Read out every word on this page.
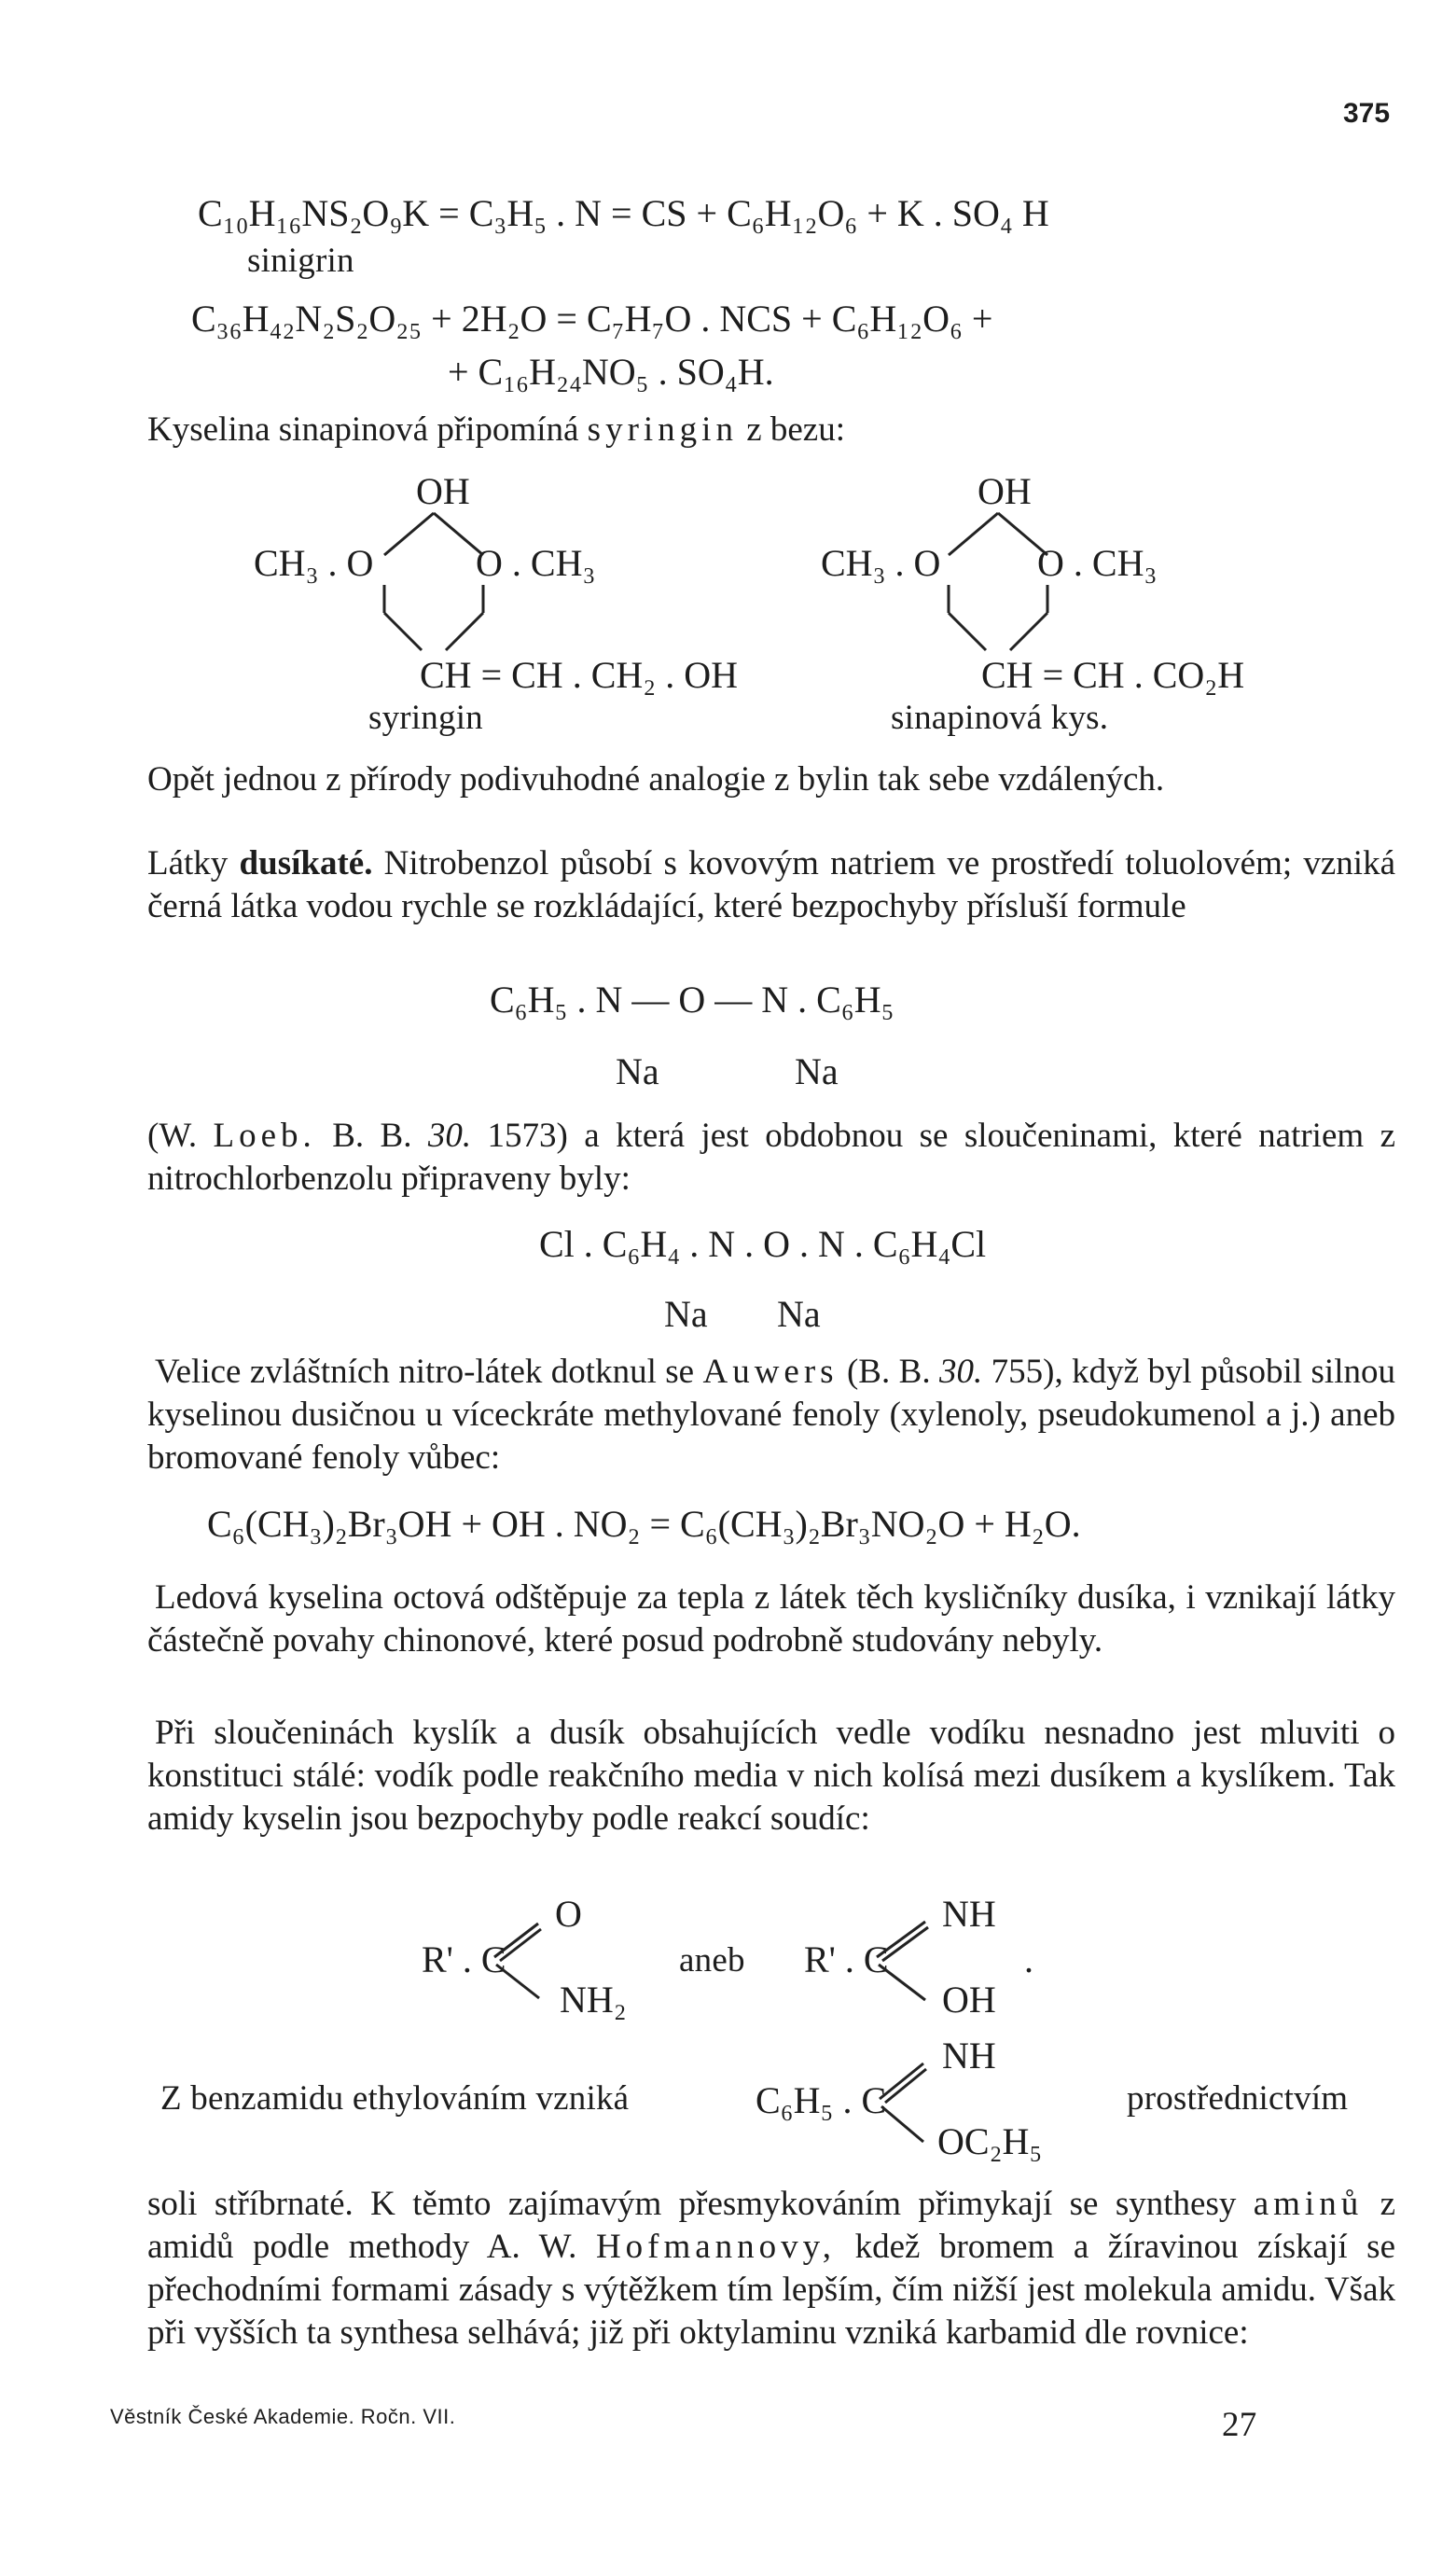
375
C₁₀H₁₆NS₂O₉K = C₃H₅ . N = CS + C₆H₁₂O₆ + K . SO₄ H
sinigrin
C₃₆H₄₂N₂S₂O₂₅ + 2H₂O = C₇H₇O . NCS + C₆H₁₂O₆ +
+ C₁₆H₂₄NO₅ . SO₄H.
Kyselina sinapinová připomíná syringin z bezu:
OH
CH₃ . O	O . CH₃
CH = CH . CH₂ . OH
syringin
OH
CH₃ . O	O . CH₃
CH = CH . CO₂H
sinapinová kys.
Opět jednou z přírody podivuhodné analogie z bylin tak sebe vzdálených.
Látky dusíkaté. Nitrobenzol působí s kovovým natriem ve prostředí toluolovém; vzniká černá látka vodou rychle se rozkládající, které bezpochyby přísluší formule
C₆H₅ . N — O — N . C₆H₅
Na	Na
(W. Loeb. B. B. 30. 1573) a která jest obdobnou se sloučeninami, které natriem z nitrochlorbenzolu připraveny byly:
Cl . C₆H₄ . N . O . N . C₆H₄Cl
Na Na
Velice zvláštních nitro-látek dotknul se Auwers (B. B. 30. 755), když byl působil silnou kyselinou dusičnou u víceckráte methylované fenoly (xylenoly, pseudokumenol a j.) aneb bromované fenoly vůbec:
C₆(CH₃)₂Br₃OH + OH . NO₂ = C₆(CH₃)₂Br₃NO₂O + H₂O.
Ledová kyselina octová odštěpuje za tepla z látek těch kysličníky dusíka, i vznikají látky částečně povahy chinonové, které posud podrobně studovány nebyly.
Při sloučeninách kyslík a dusík obsahujících vedle vodíku nesnadno jest mluviti o konstituci stálé: vodík podle reakčního media v nich kolísá mezi dusíkem a kyslíkem. Tak amidy kyselin jsou bezpochyby podle reakcí soudíc:
R' . C
O
NH₂
aneb R' . C
NH
OH
.
Z benzamidu ethylováním vzniká	C₆H₅ . C
NH
OC₂H₅
prostřednictvím
soli stříbrnaté. K těmto zajímavým přesmykováním přimykají se synthesy aminů z amidů podle methody A. W. Hofmannovy, kdež bromem a žíravinou získají se přechodními formami zásady s výtěžkem tím lepším, čím nižší jest molekula amidu. Však při vyšších ta synthesa selhává; již při oktylaminu vzniká karbamid dle rovnice:
Věstník České Akademie. Ročn. VII.	27
